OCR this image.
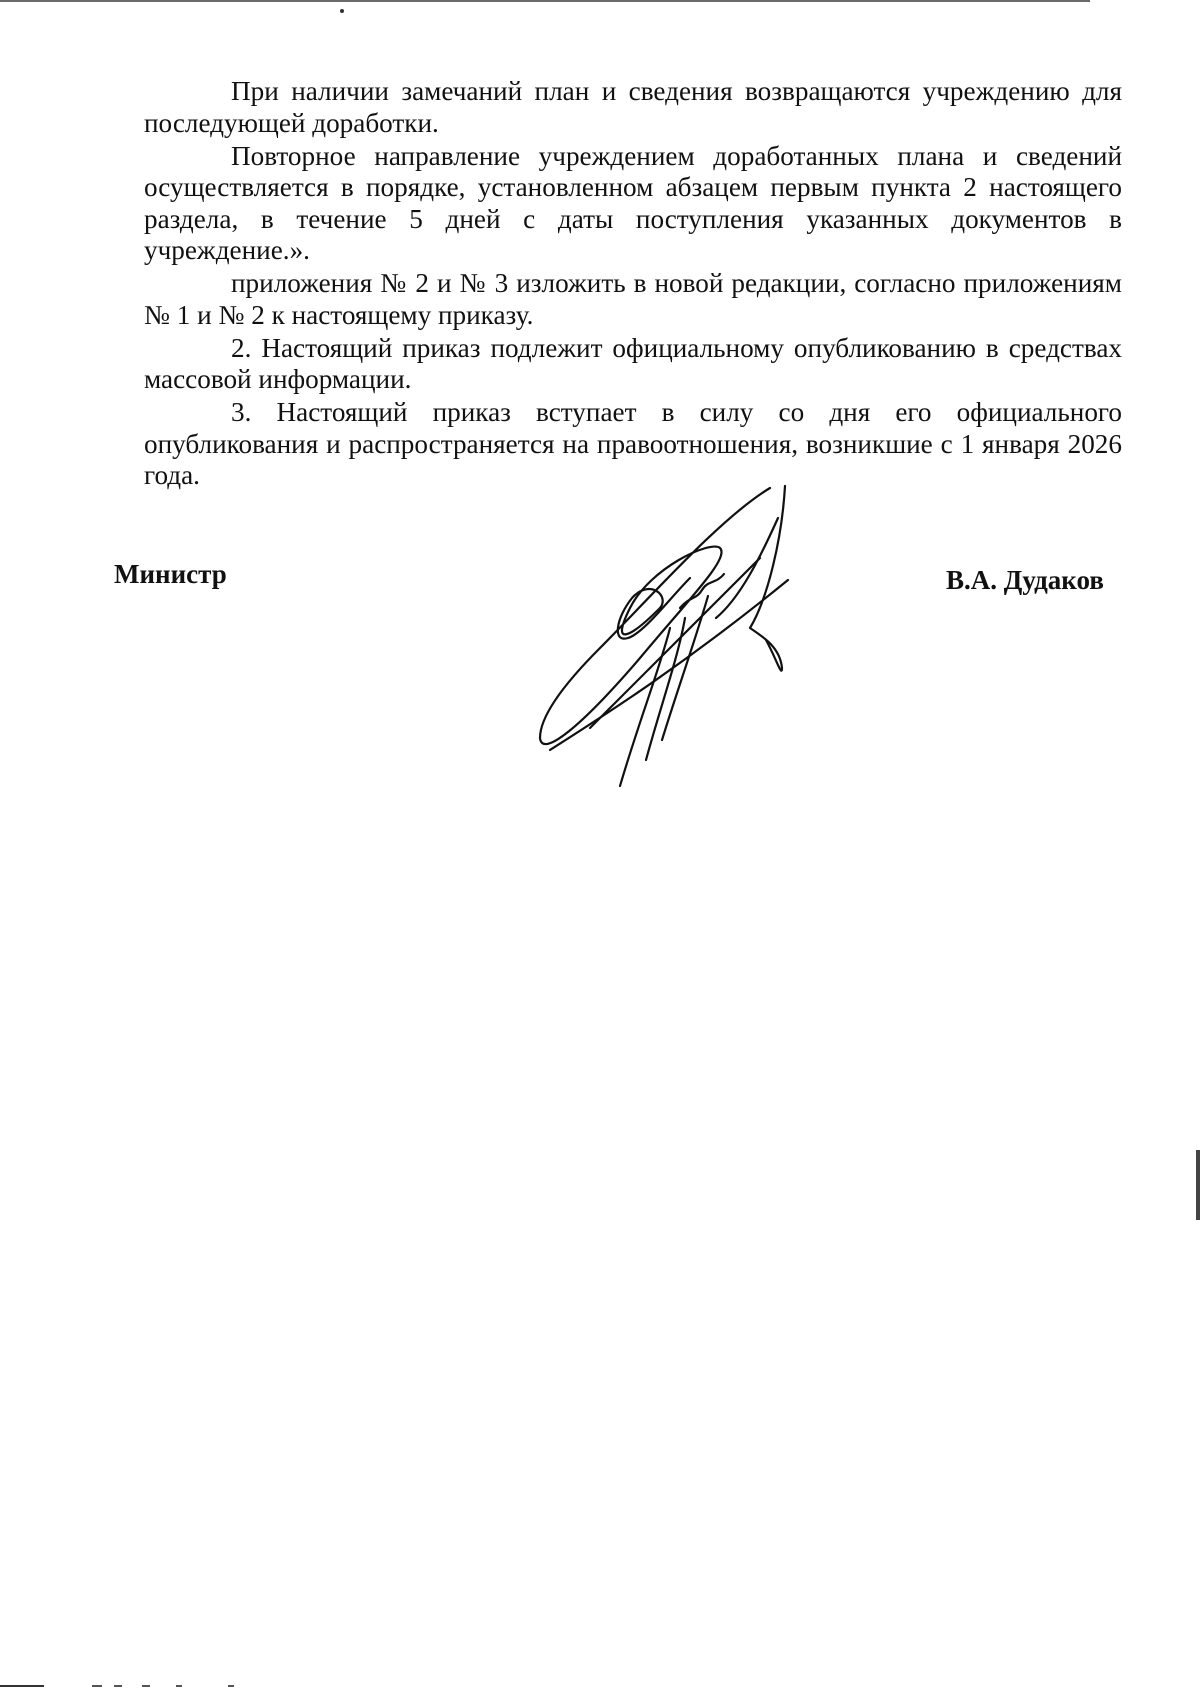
При наличии замечаний план и сведения возвращаются учреждению для последующей доработки.

Повторное направление учреждением доработанных плана и сведений осуществляется в порядке, установленном абзацем первым пункта 2 настоящего раздела, в течение 5 дней с даты поступления указанных документов в учреждение.».

приложения № 2 и № 3 изложить в новой редакции, согласно приложениям № 1 и № 2 к настоящему приказу.

2. Настоящий приказ подлежит официальному опубликованию в средствах массовой информации.

3. Настоящий приказ вступает в силу со дня его официального опубликования и распространяется на правоотношения, возникшие с 1 января 2026 года.

Министр	В.А. Дудаков
